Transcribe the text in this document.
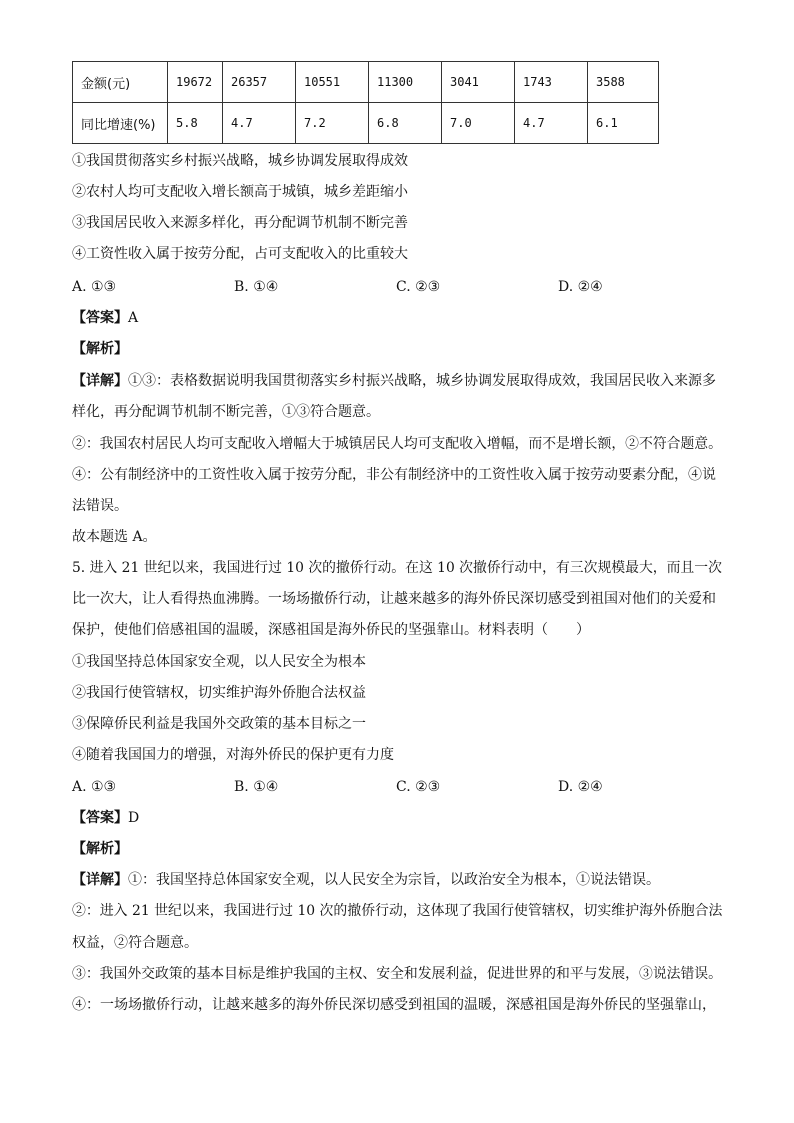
金额(元)	19672	26357	10551	11300	3041	1743	3588
同比增速(%)	5.8	4.7	7.2	6.8	7.0	4.7	6.1
①我国贯彻落实乡村振兴战略，城乡协调发展取得成效
②农村人均可支配收入增长额高于城镇，城乡差距缩小
③我国居民收入来源多样化，再分配调节机制不断完善
④工资性收入属于按劳分配，占可支配收入的比重较大
A. ①③	B. ①④	C. ②③	D. ②④
【答案】A
【解析】
【详解】①③：表格数据说明我国贯彻落实乡村振兴战略，城乡协调发展取得成效，我国居民收入来源多
样化，再分配调节机制不断完善，①③符合题意。
②：我国农村居民人均可支配收入增幅大于城镇居民人均可支配收入增幅，而不是增长额，②不符合题意。
④：公有制经济中的工资性收入属于按劳分配，非公有制经济中的工资性收入属于按劳动要素分配，④说
法错误。
故本题选 A。
5. 进入 21 世纪以来，我国进行过 10 次的撤侨行动。在这 10 次撤侨行动中，有三次规模最大，而且一次
比一次大，让人看得热血沸腾。一场场撤侨行动，让越来越多的海外侨民深切感受到祖国对他们的关爱和
保护，使他们倍感祖国的温暖，深感祖国是海外侨民的坚强靠山。材料表明（　　）
①我国坚持总体国家安全观，以人民安全为根本
②我国行使管辖权，切实维护海外侨胞合法权益
③保障侨民利益是我国外交政策的基本目标之一
④随着我国国力的增强，对海外侨民的保护更有力度
A. ①③	B. ①④	C. ②③	D. ②④
【答案】D
【解析】
【详解】①：我国坚持总体国家安全观，以人民安全为宗旨，以政治安全为根本，①说法错误。
②：进入 21 世纪以来，我国进行过 10 次的撤侨行动，这体现了我国行使管辖权，切实维护海外侨胞合法
权益，②符合题意。
③：我国外交政策的基本目标是维护我国的主权、安全和发展利益，促进世界的和平与发展，③说法错误。
④：一场场撤侨行动，让越来越多的海外侨民深切感受到祖国的温暖，深感祖国是海外侨民的坚强靠山，
